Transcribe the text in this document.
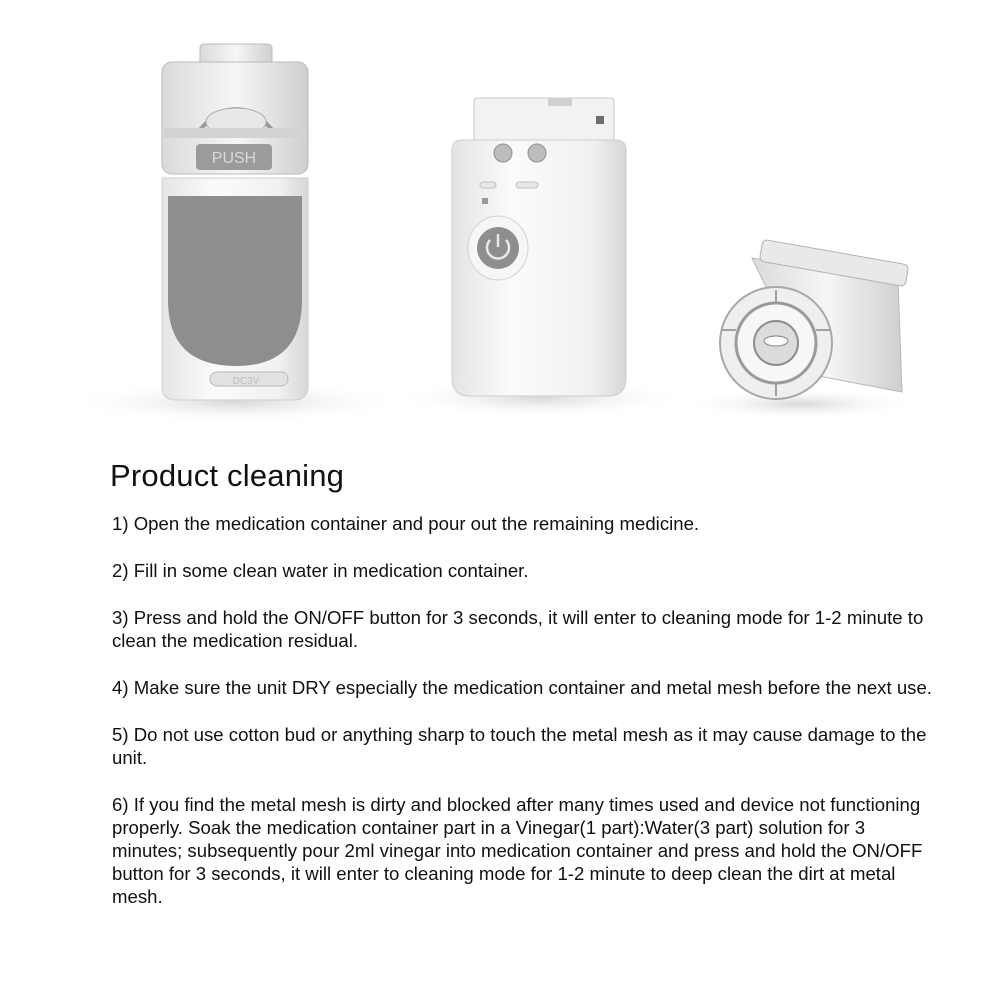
PUSH
DC3V
Product cleaning
1) Open the medication container and pour out the remaining medicine.
2) Fill in some clean water in medication container.
3) Press and hold the ON/OFF button for 3 seconds, it will enter to cleaning mode for 1-2 minute to clean the medication residual.
4) Make sure the unit DRY especially the medication container and metal mesh before the next use.
5) Do not use cotton bud or anything sharp to touch the metal mesh as it may cause damage to the unit.
6) If you find the metal mesh is dirty and blocked after many times used and device not functioning properly. Soak the medication container part in a Vinegar(1 part):Water(3 part) solution for 3 minutes; subsequently pour 2ml vinegar into medication container and press and hold the ON/OFF button for 3 seconds, it will enter to cleaning mode for 1-2 minute to deep clean the dirt at metal mesh.
